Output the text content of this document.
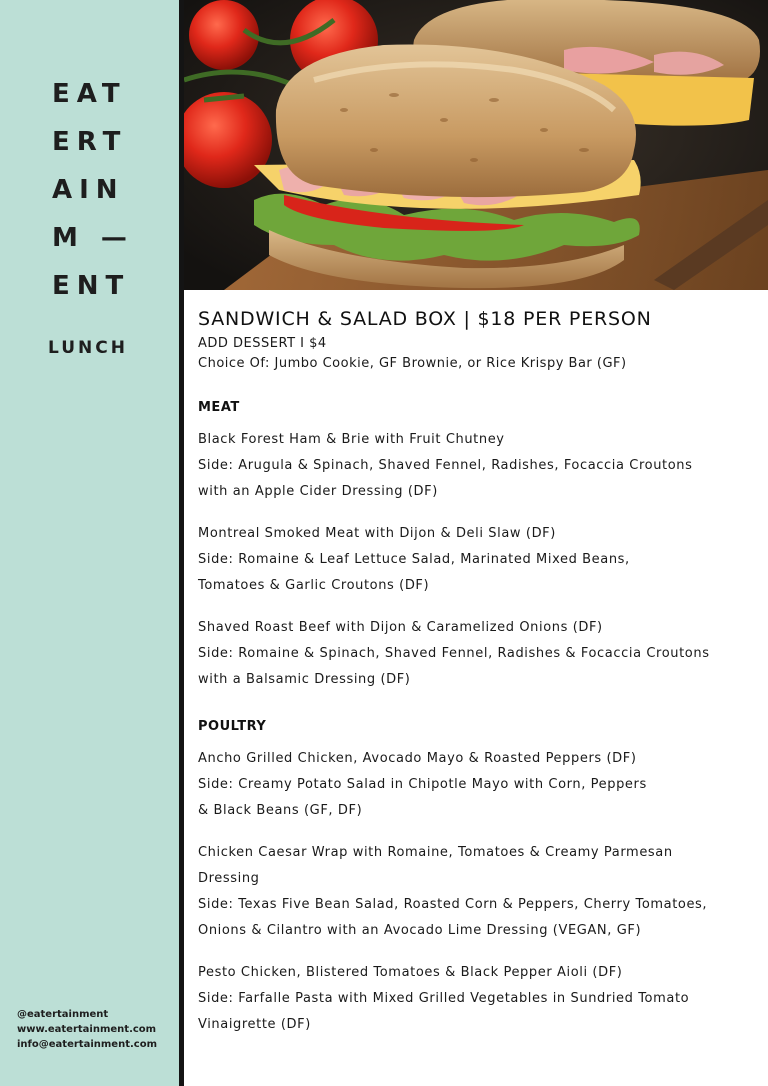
EAT
ERT
AIN
M —
ENT
LUNCH
@eatertainment
www.eatertainment.com
info@eatertainment.com
SANDWICH & SALAD BOX | $18 PER PERSON

ADD DESSERT I $4

Choice Of: Jumbo Cookie, GF Brownie, or Rice Krispy Bar (GF)

MEAT

Black Forest Ham & Brie with Fruit Chutney

Side: Arugula & Spinach, Shaved Fennel, Radishes, Focaccia Croutons

with an Apple Cider Dressing (DF)

Montreal Smoked Meat with Dijon & Deli Slaw (DF)

Side: Romaine & Leaf Lettuce Salad, Marinated Mixed Beans,

Tomatoes & Garlic Croutons (DF)

Shaved Roast Beef with Dijon & Caramelized Onions (DF)

Side: Romaine & Spinach, Shaved Fennel, Radishes & Focaccia Croutons

with a Balsamic Dressing (DF)

POULTRY

Ancho Grilled Chicken, Avocado Mayo & Roasted Peppers (DF)

Side: Creamy Potato Salad in Chipotle Mayo with Corn, Peppers

& Black Beans (GF, DF)

Chicken Caesar Wrap with Romaine, Tomatoes & Creamy Parmesan

Dressing

Side: Texas Five Bean Salad, Roasted Corn & Peppers, Cherry Tomatoes,

Onions & Cilantro with an Avocado Lime Dressing (VEGAN, GF)

Pesto Chicken, Blistered Tomatoes & Black Pepper Aioli (DF)

Side: Farfalle Pasta with Mixed Grilled Vegetables in Sundried Tomato

Vinaigrette (DF)
